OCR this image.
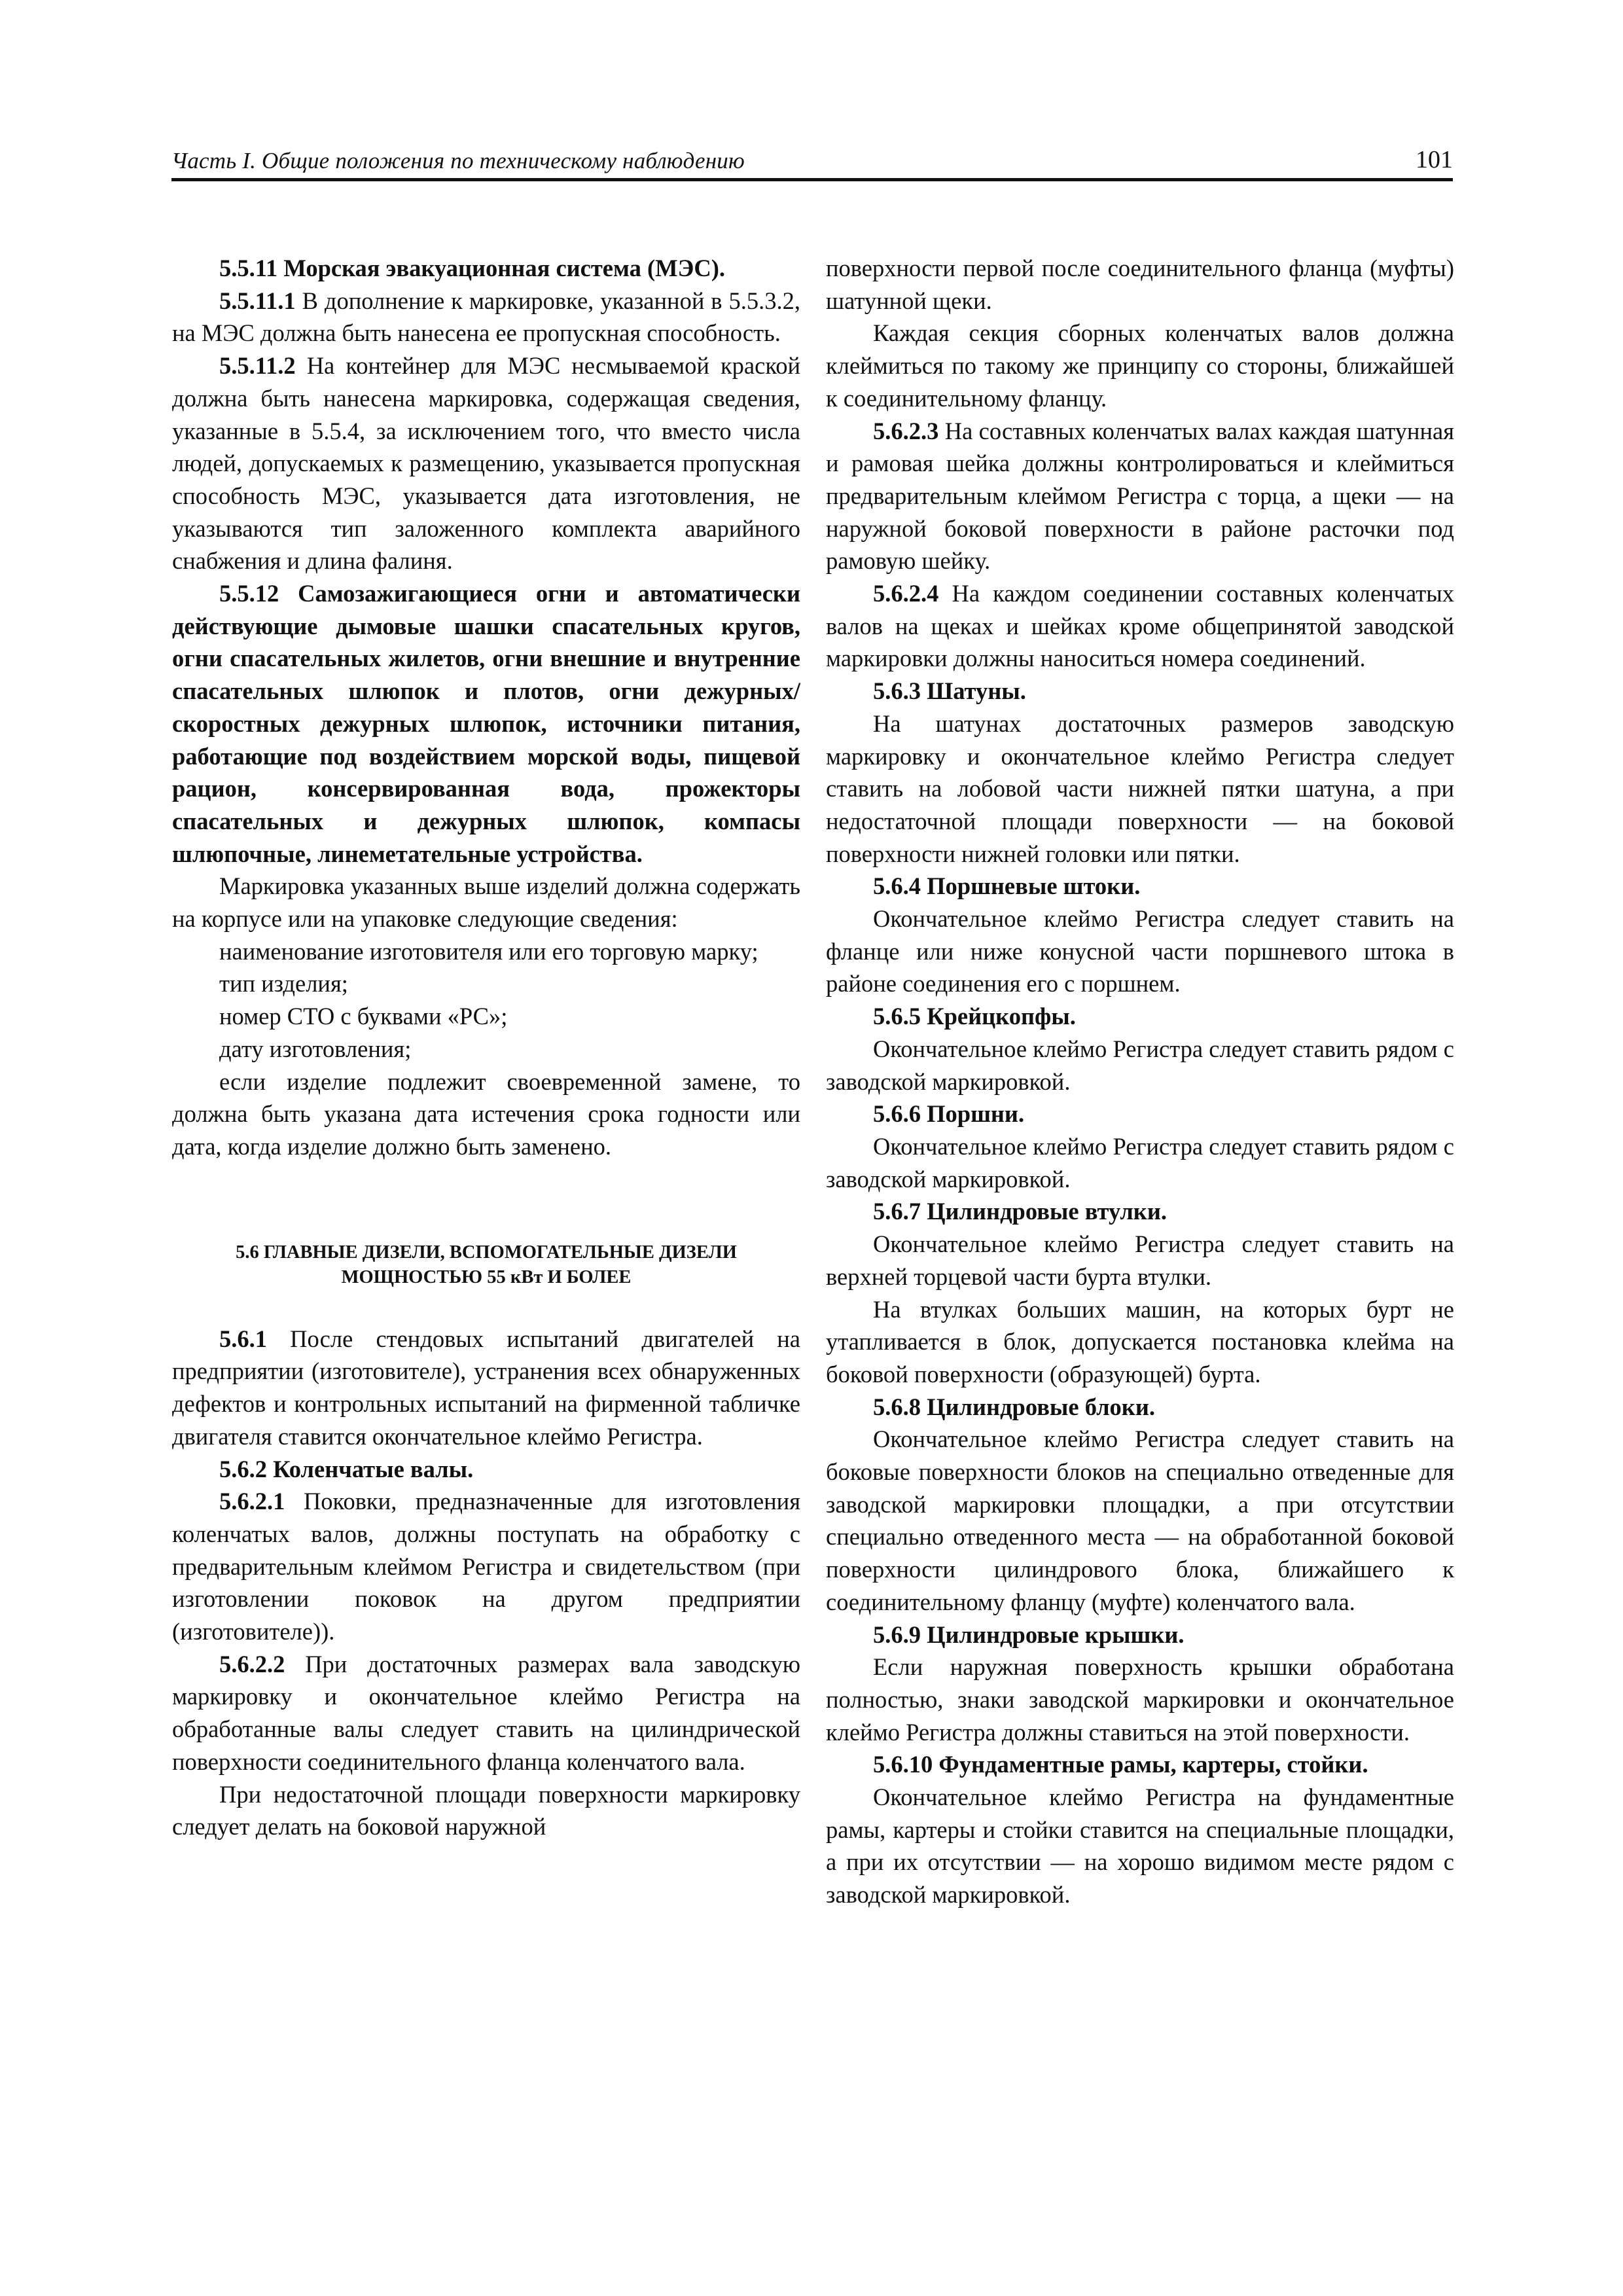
Часть I. Общие положения по техническому наблюдению	101

5.5.11 Морская эвакуационная система (МЭС).

5.5.11.1 В дополнение к маркировке, указанной в 5.5.3.2, на МЭС должна быть нанесена ее пропускная способность.

5.5.11.2 На контейнер для МЭС несмываемой краской должна быть нанесена маркировка, содержащая сведения, указанные в 5.5.4, за исключением того, что вместо числа людей, допускаемых к размещению, указывается пропускная способность МЭС, указывается дата изготовления, не указываются тип заложенного комплекта аварийного снабжения и длина фалиня.

5.5.12 Самозажигающиеся огни и автоматически действующие дымовые шашки спасательных кругов, огни спасательных жилетов, огни внешние и внутренние спасательных шлюпок и плотов, огни дежурных/скоростных дежурных шлюпок, источники питания, работающие под воздействием морской воды, пищевой рацион, консервированная вода, прожекторы спасательных и дежурных шлюпок, компасы шлюпочные, линеметательные устройства.

Маркировка указанных выше изделий должна содержать на корпусе или на упаковке следующие сведения:

наименование изготовителя или его торговую марку;

тип изделия;

номер СТО с буквами «РС»;

дату изготовления;

если изделие подлежит своевременной замене, то должна быть указана дата истечения срока годности или дата, когда изделие должно быть заменено.

5.6 ГЛАВНЫЕ ДИЗЕЛИ, ВСПОМОГАТЕЛЬНЫЕ ДИЗЕЛИ
МОЩНОСТЬЮ 55 кВт И БОЛЕЕ

5.6.1 После стендовых испытаний двигателей на предприятии (изготовителе), устранения всех обнаруженных дефектов и контрольных испытаний на фирменной табличке двигателя ставится окончательное клеймо Регистра.

5.6.2 Коленчатые валы.

5.6.2.1 Поковки, предназначенные для изготовления коленчатых валов, должны поступать на обработку с предварительным клеймом Регистра и свидетельством (при изготовлении поковок на другом предприятии (изготовителе)).

5.6.2.2 При достаточных размерах вала заводскую маркировку и окончательное клеймо Регистра на обработанные валы следует ставить на цилиндрической поверхности соединительного фланца коленчатого вала.

При недостаточной площади поверхности маркировку следует делать на боковой наружной

поверхности первой после соединительного фланца (муфты) шатунной щеки.

Каждая секция сборных коленчатых валов должна клеймиться по такому же принципу со стороны, ближайшей к соединительному фланцу.

5.6.2.3 На составных коленчатых валах каждая шатунная и рамовая шейка должны контролироваться и клеймиться предварительным клеймом Регистра с торца, а щеки — на наружной боковой поверхности в районе расточки под рамовую шейку.

5.6.2.4 На каждом соединении составных коленчатых валов на щеках и шейках кроме общепринятой заводской маркировки должны наноситься номера соединений.

5.6.3 Шатуны.

На шатунах достаточных размеров заводскую маркировку и окончательное клеймо Регистра следует ставить на лобовой части нижней пятки шатуна, а при недостаточной площади поверхности — на боковой поверхности нижней головки или пятки.

5.6.4 Поршневые штоки.

Окончательное клеймо Регистра следует ставить на фланце или ниже конусной части поршневого штока в районе соединения его с поршнем.

5.6.5 Крейцкопфы.

Окончательное клеймо Регистра следует ставить рядом с заводской маркировкой.

5.6.6 Поршни.

Окончательное клеймо Регистра следует ставить рядом с заводской маркировкой.

5.6.7 Цилиндровые втулки.

Окончательное клеймо Регистра следует ставить на верхней торцевой части бурта втулки.

На втулках больших машин, на которых бурт не утапливается в блок, допускается постановка клейма на боковой поверхности (образующей) бурта.

5.6.8 Цилиндровые блоки.

Окончательное клеймо Регистра следует ставить на боковые поверхности блоков на специально отведенные для заводской маркировки площадки, а при отсутствии специально отведенного места — на обработанной боковой поверхности цилиндрового блока, ближайшего к соединительному фланцу (муфте) коленчатого вала.

5.6.9 Цилиндровые крышки.

Если наружная поверхность крышки обработана полностью, знаки заводской маркировки и окончательное клеймо Регистра должны ставиться на этой поверхности.

5.6.10 Фундаментные рамы, картеры, стойки.

Окончательное клеймо Регистра на фундаментные рамы, картеры и стойки ставится на специальные площадки, а при их отсутствии — на хорошо видимом месте рядом с заводской маркировкой.
